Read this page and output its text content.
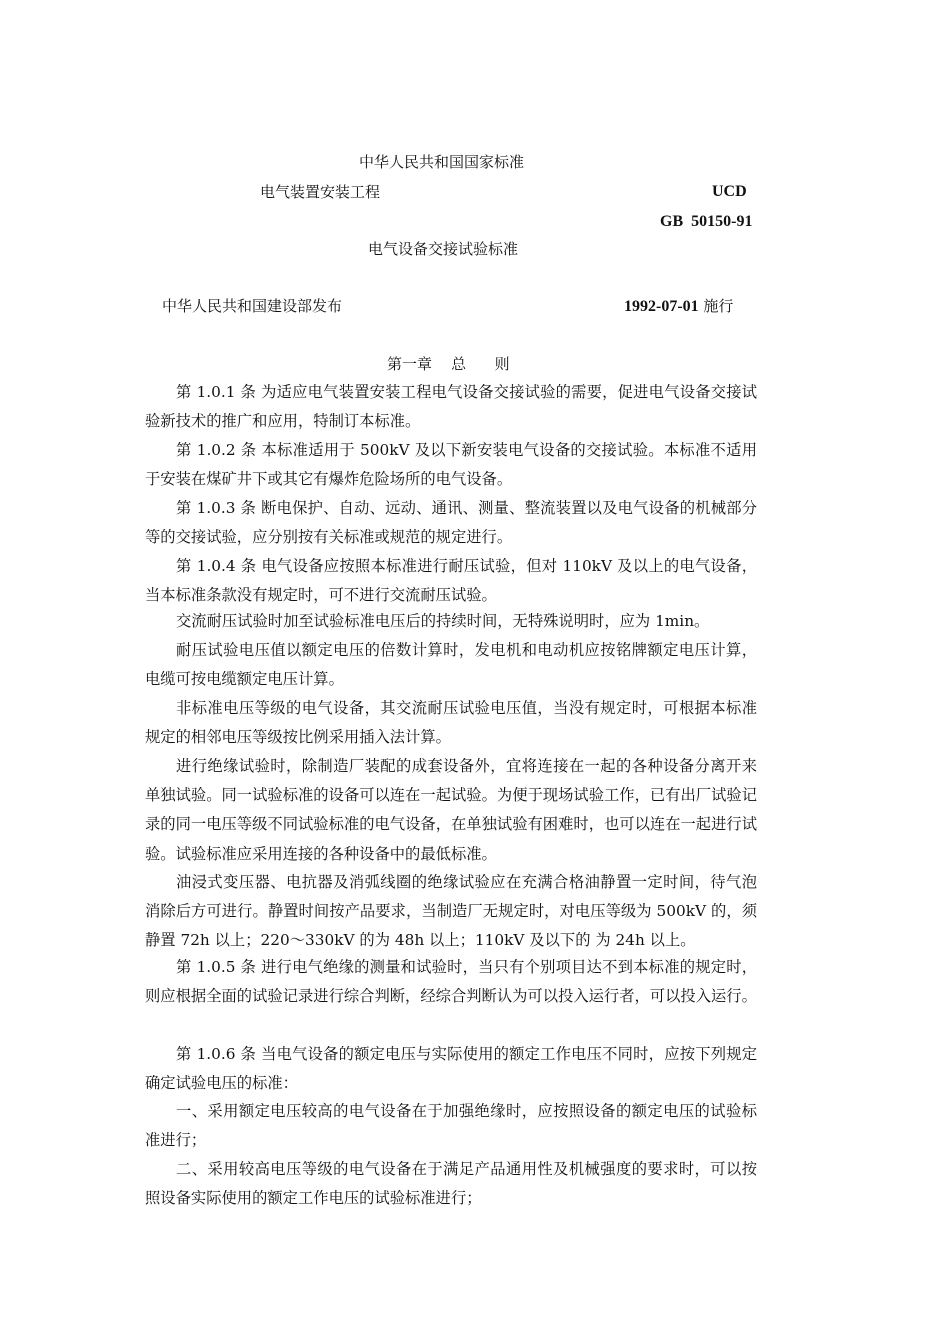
中华人民共和国国家标准
电气装置安装工程	UCD
GB  50150-91
电气设备交接试验标准
中华人民共和国建设部发布	1992-07-01 施行
第一章    总      则

第 1.0.1 条 为适应电气装置安装工程电气设备交接试验的需要，促进电气设备交接试验新技术的推广和应用，特制订本标准。

第 1.0.2 条 本标准适用于 500kV 及以下新安装电气设备的交接试验。本标准不适用于安装在煤矿井下或其它有爆炸危险场所的电气设备。

第 1.0.3 条 断电保护、自动、远动、通讯、测量、整流装置以及电气设备的机械部分等的交接试验，应分别按有关标准或规范的规定进行。

第 1.0.4 条 电气设备应按照本标准进行耐压试验，但对 110kV 及以上的电气设备，当本标准条款没有规定时，可不进行交流耐压试验。

交流耐压试验时加至试验标准电压后的持续时间，无特殊说明时，应为 1min。

耐压试验电压值以额定电压的倍数计算时，发电机和电动机应按铭牌额定电压计算，电缆可按电缆额定电压计算。

非标准电压等级的电气设备，其交流耐压试验电压值，当没有规定时，可根据本标准规定的相邻电压等级按比例采用插入法计算。

进行绝缘试验时，除制造厂装配的成套设备外，宜将连接在一起的各种设备分离开来单独试验。同一试验标准的设备可以连在一起试验。为便于现场试验工作，已有出厂试验记录的同一电压等级不同试验标准的电气设备，在单独试验有困难时，也可以连在一起进行试验。试验标准应采用连接的各种设备中的最低标准。

油浸式变压器、电抗器及消弧线圈的绝缘试验应在充满合格油静置一定时间，待气泡消除后方可进行。静置时间按产品要求，当制造厂无规定时，对电压等级为 500kV 的，须静置 72h 以上；220～330kV 的为 48h 以上；110kV 及以下的 为 24h 以上。

第 1.0.5 条 进行电气绝缘的测量和试验时，当只有个别项目达不到本标准的规定时，则应根据全面的试验记录进行综合判断，经综合判断认为可以投入运行者，可以投入运行。

第 1.0.6 条 当电气设备的额定电压与实际使用的额定工作电压不同时，应按下列规定确定试验电压的标准：

一、采用额定电压较高的电气设备在于加强绝缘时，应按照设备的额定电压的试验标准进行；

二、采用较高电压等级的电气设备在于满足产品通用性及机械强度的要求时，可以按照设备实际使用的额定工作电压的试验标准进行；
